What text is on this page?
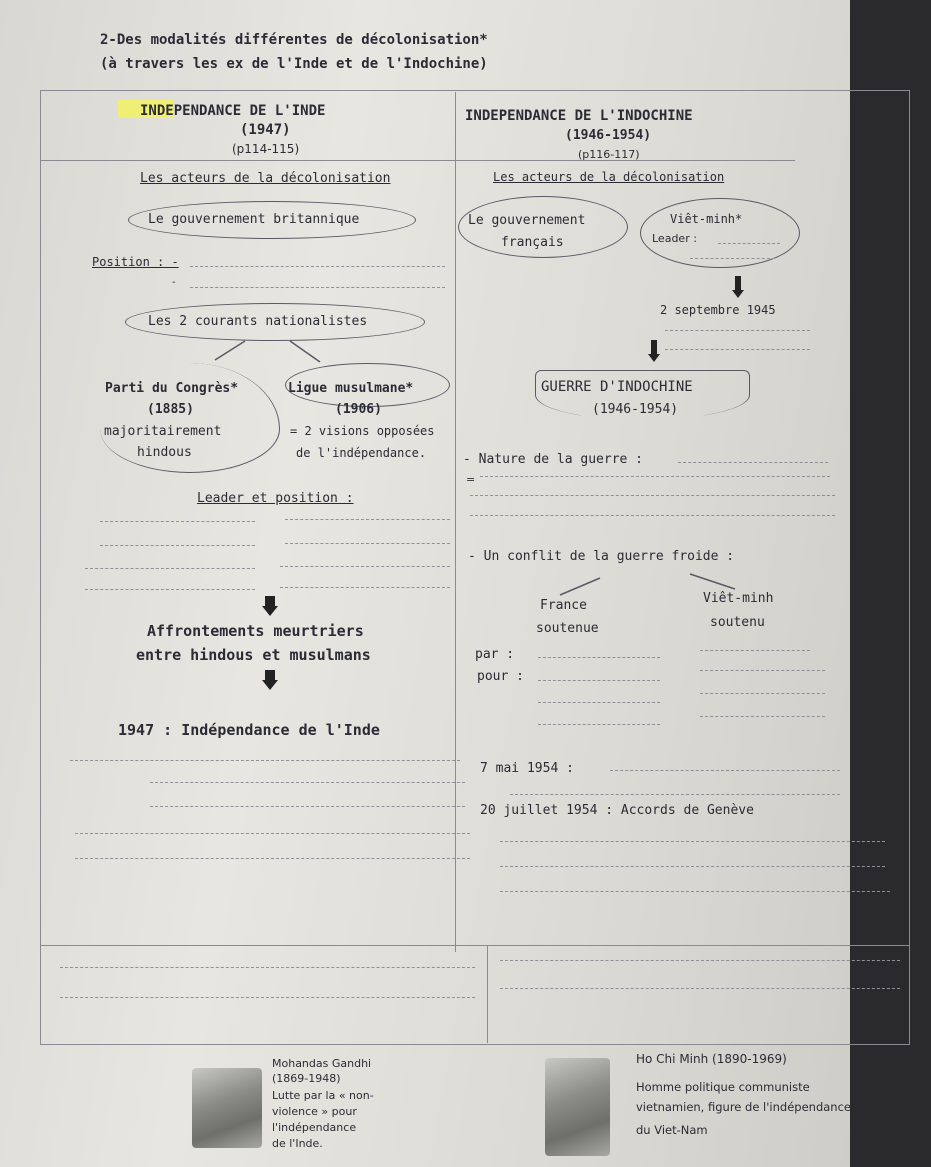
2-Des modalités différentes de décolonisation*
(à travers les ex de l'Inde et de l'Indochine)
INDEPENDANCE DE L'INDE
(1947)
(p114-115)
INDEPENDANCE DE L'INDOCHINE
(1946-1954)
(p116-117)
Les acteurs de la décolonisation	Les acteurs de la décolonisation
Le gouvernement britannique
Position : -
-
Les 2 courants nationalistes
Parti du Congrès*
(1885)
majoritairement
hindous
Ligue musulmane*
(1906)
= 2 visions opposées
de l'indépendance.
Leader et position :
Affrontements meurtriers
entre hindous et musulmans
1947 : Indépendance de l'Inde
Le gouvernement
français
Viêt-minh*
Leader :
2 septembre 1945
GUERRE D'INDOCHINE
(1946-1954)
- Nature de la guerre :
=
- Un conflit de la guerre froide :
France	Viêt-minh
soutenue	soutenu
par :
pour :
7 mai 1954 :
20 juillet 1954 : Accords de Genève
Mohandas Gandhi
(1869-1948)
Lutte par la « non-
violence » pour
l'indépendance
de l'Inde.
Ho Chi Minh (1890-1969)
Homme politique communiste
vietnamien, figure de l'indépendance
du Viet-Nam
